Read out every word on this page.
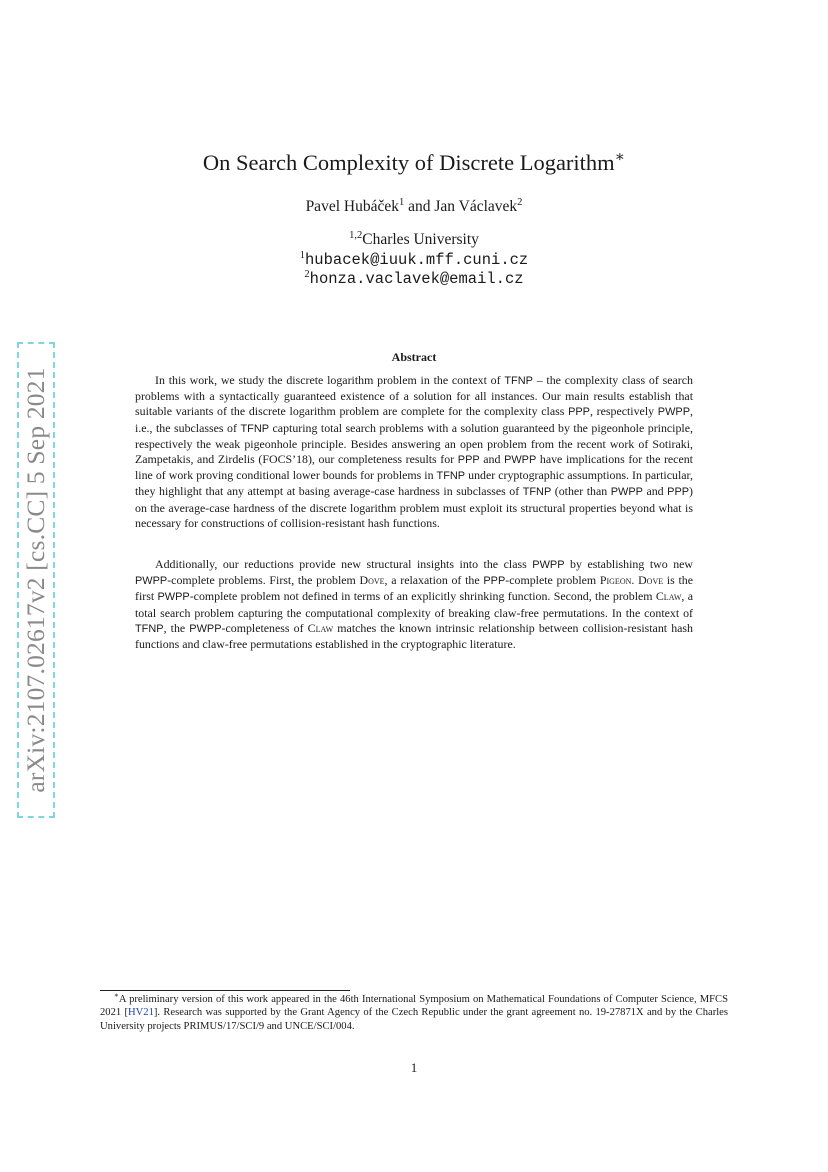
arXiv:2107.02617v2 [cs.CC] 5 Sep 2021
On Search Complexity of Discrete Logarithm∗
Pavel Hubáček$^1$ and Jan Václavek$^2$
$^{1,2}$Charles University
$^1$hubacek@iuuk.mff.cuni.cz
$^2$honza.vaclavek@email.cz
Abstract

In this work, we study the discrete logarithm problem in the context of TFNP – the complexity class of search problems with a syntactically guaranteed existence of a solution for all instances. Our main results establish that suitable variants of the discrete logarithm problem are complete for the complexity class PPP, respectively PWPP, i.e., the subclasses of TFNP capturing total search problems with a solution guaranteed by the pigeonhole principle, respectively the weak pigeonhole principle. Besides answering an open problem from the recent work of Sotiraki, Zampetakis, and Zirdelis (FOCS’18), our completeness results for PPP and PWPP have implications for the recent line of work proving conditional lower bounds for problems in TFNP under cryptographic assumptions. In particular, they highlight that any attempt at basing average-case hardness in subclasses of TFNP (other than PWPP and PPP) on the average-case hardness of the discrete logarithm problem must exploit its structural properties beyond what is necessary for constructions of collision-resistant hash functions.

Additionally, our reductions provide new structural insights into the class PWPP by establishing two new PWPP-complete problems. First, the problem Dove, a relaxation of the PPP-complete problem Pigeon. Dove is the first PWPP-complete problem not defined in terms of an explicitly shrinking function. Second, the problem Claw, a total search problem capturing the computational complexity of breaking claw-free permutations. In the context of TFNP, the PWPP-completeness of Claw matches the known intrinsic relationship between collision-resistant hash functions and claw-free permutations established in the cryptographic literature.

∗A preliminary version of this work appeared in the 46th International Symposium on Mathematical Foundations of Computer Science, MFCS 2021 [HV21]. Research was supported by the Grant Agency of the Czech Republic under the grant agreement no. 19-27871X and by the Charles University projects PRIMUS/17/SCI/9 and UNCE/SCI/004.

1
